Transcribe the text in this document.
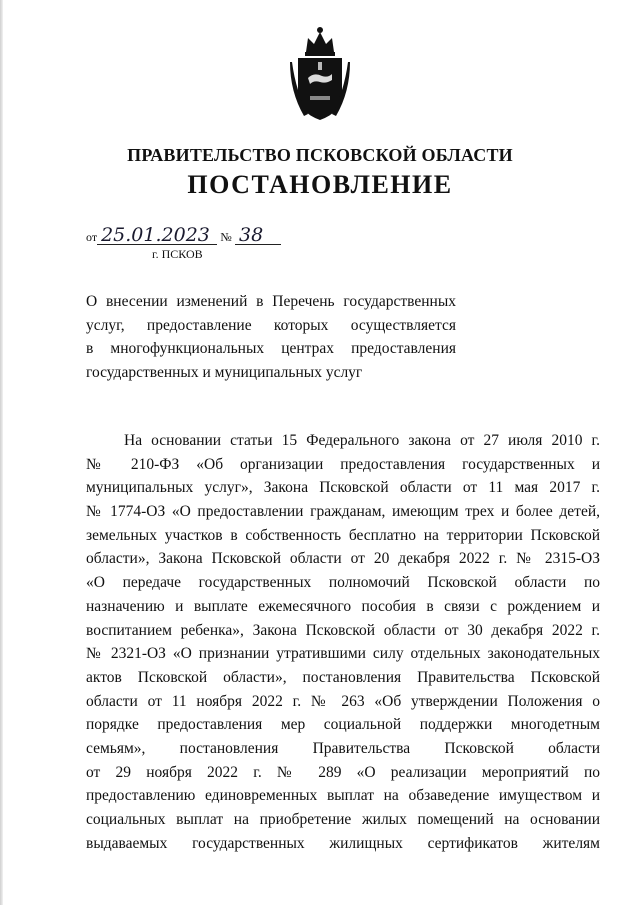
ПРАВИТЕЛЬСТВО ПСКОВСКОЙ ОБЛАСТИ
ПОСТАНОВЛЕНИЕ
от 25.01.2023 № 38
г. ПСКОВ
О внесении изменений в Перечень государственных
услуг, предоставление которых осуществляется
в многофункциональных центрах предоставления
государственных и муниципальных услуг
На основании статьи 15 Федерального закона от 27 июля 2010 г.
№ 210-ФЗ «Об организации предоставления государственных и
муниципальных услуг», Закона Псковской области от 11 мая 2017 г.
№ 1774-ОЗ «О предоставлении гражданам, имеющим трех и более детей,
земельных участков в собственность бесплатно на территории Псковской
области», Закона Псковской области от 20 декабря 2022 г. № 2315-ОЗ
«О передаче государственных полномочий Псковской области по
назначению и выплате ежемесячного пособия в связи с рождением и
воспитанием ребенка», Закона Псковской области от 30 декабря 2022 г.
№ 2321-ОЗ «О признании утратившими силу отдельных законодательных
актов Псковской области», постановления Правительства Псковской
области от 11 ноября 2022 г. № 263 «Об утверждении Положения о
порядке предоставления мер социальной поддержки многодетным
семьям», постановления Правительства Псковской области
от 29 ноября 2022 г. № 289 «О реализации мероприятий по
предоставлению единовременных выплат на обзаведение имуществом и
социальных выплат на приобретение жилых помещений на основании
выдаваемых государственных жилищных сертификатов жителям
